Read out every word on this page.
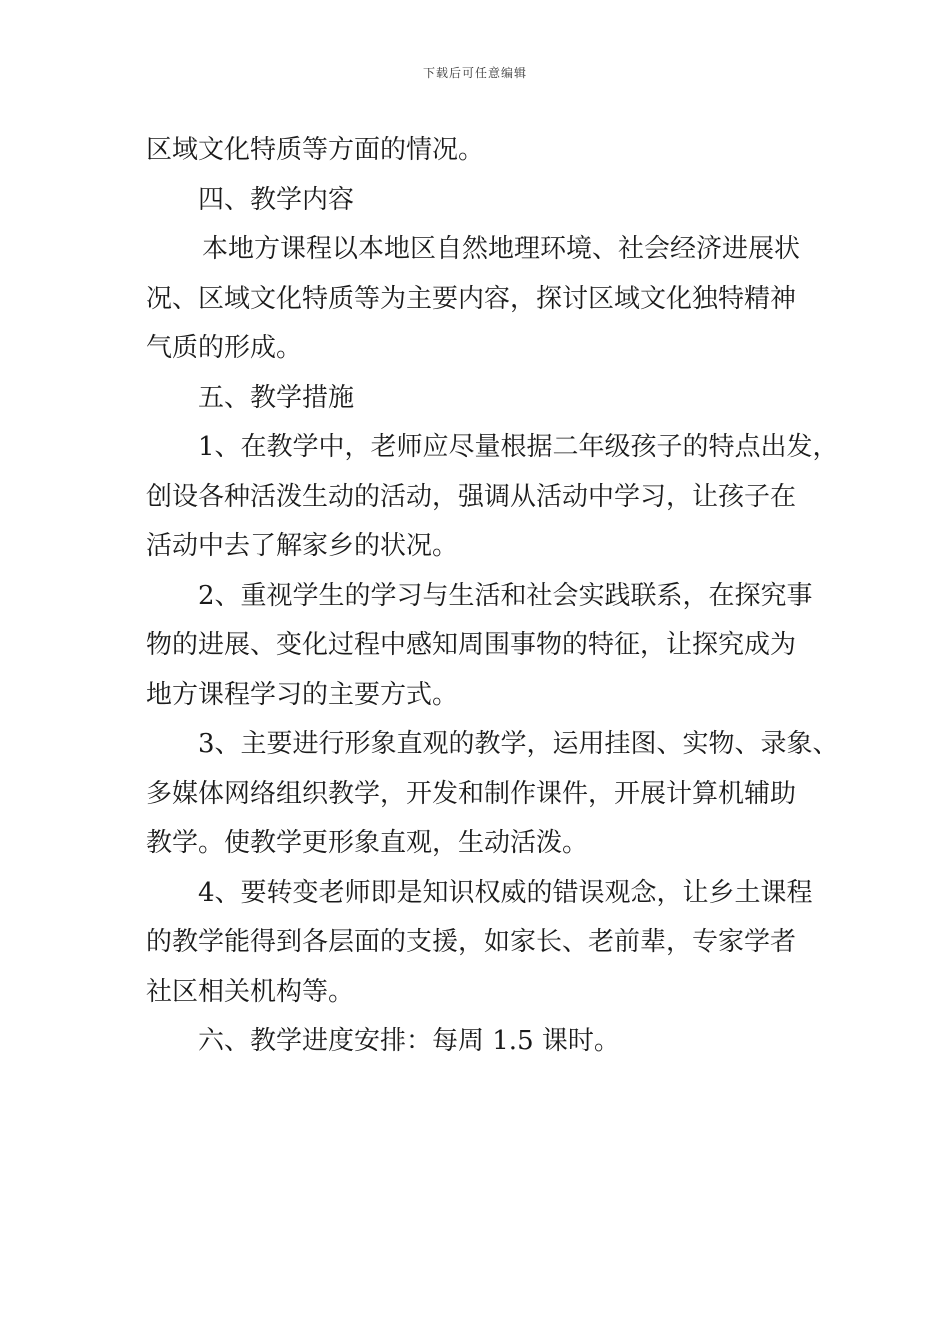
下载后可任意编辑
区域文化特质等方面的情况。
四、教学内容
本地方课程以本地区自然地理环境、社会经济进展状
况、区域文化特质等为主要内容，探讨区域文化独特精神
气质的形成。
五、教学措施
1、在教学中，老师应尽量根据二年级孩子的特点出发，
创设各种活泼生动的活动，强调从活动中学习，让孩子在
活动中去了解家乡的状况。
2、重视学生的学习与生活和社会实践联系，在探究事
物的进展、变化过程中感知周围事物的特征，让探究成为
地方课程学习的主要方式。
3、主要进行形象直观的教学，运用挂图、实物、录象、
多媒体网络组织教学，开发和制作课件，开展计算机辅助
教学。使教学更形象直观，生动活泼。
4、要转变老师即是知识权威的错误观念，让乡土课程
的教学能得到各层面的支援，如家长、老前辈，专家学者
社区相关机构等。
六、教学进度安排：每周 1.5 课时。
